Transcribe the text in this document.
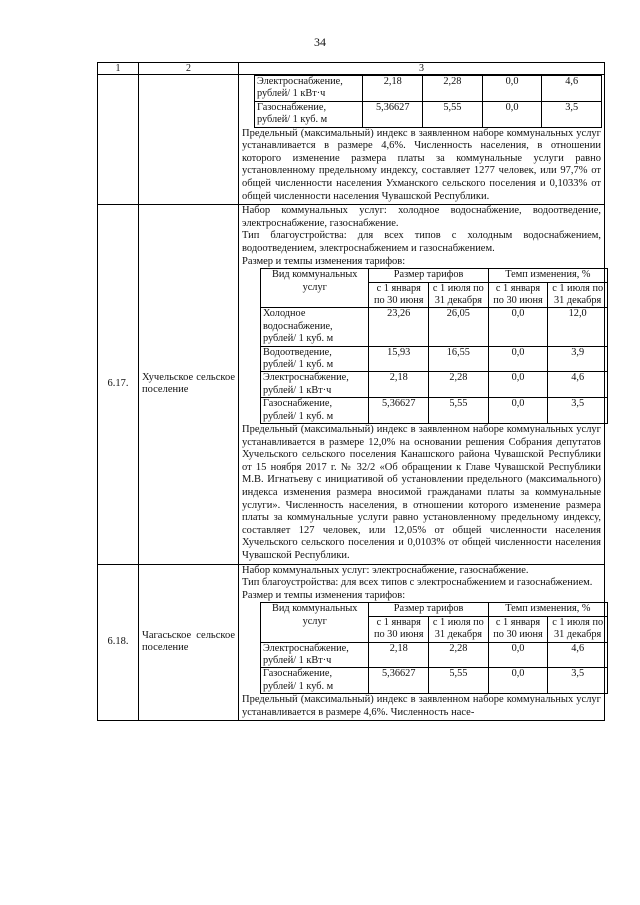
34
1	2	3

Электроснабжение, рублей/ 1 кВт·ч	2,18	2,28	0,0	4,6
Газоснабжение, рублей/ 1 куб. м	5,36627	5,55	0,0	3,5

Предельный (максимальный) индекс в заявленном наборе коммунальных услуг устанавливается в размере 4,6%. Численность населения, в отношении которого изменение размера платы за коммунальные услуги равно установленному предельному индексу, составляет 1277 человек, или 97,7% от общей численности населения Ухманского сельского поселения и 0,1033% от общей численности населения Чувашской Республики.

6.17.	Хучельское сельское поселение	

Набор коммунальных услуг: холодное водоснабжение, водоотведение, электроснабжение, газоснабжение.

Тип благоустройства: для всех типов с холодным водоснабжением, водоотведением, электроснабжением и газоснабжением.

Размер и темпы изменения тарифов:

Вид коммунальных услуг	Размер тарифов	Темп изменения, %
с 1 января по 30 июня	с 1 июля по 31 декабря	с 1 января по 30 июня	с 1 июля по 31 декабря
Холодное водоснабжение, рублей/ 1 куб. м	23,26	26,05	0,0	12,0
Водоотведение, рублей/ 1 куб. м	15,93	16,55	0,0	3,9
Электроснабжение, рублей/ 1 кВт·ч	2,18	2,28	0,0	4,6
Газоснабжение, рублей/ 1 куб. м	5,36627	5,55	0,0	3,5

Предельный (максимальный) индекс в заявленном наборе коммунальных услуг устанавливается в размере 12,0% на основании решения Собрания депутатов Хучельского сельского поселения Канашского района Чувашской Республики от 15 ноября 2017 г. № 32/2 «Об обращении к Главе Чувашской Республики М.В. Игнатьеву с инициативой об установлении предельного (максимального) индекса изменения размера вносимой гражданами платы за коммунальные услуги». Численность населения, в отношении которого изменение размера платы за коммунальные услуги равно установленному предельному индексу, составляет 127 человек, или 12,05% от общей численности населения Хучельского сельского поселения и 0,0103% от общей численности населения Чувашской Республики.

6.18.	Чагасьское сельское поселение	

Набор коммунальных услуг: электроснабжение, газоснабжение.

Тип благоустройства: для всех типов с электроснабжением и газоснабжением.

Размер и темпы изменения тарифов:

Вид коммунальных услуг	Размер тарифов	Темп изменения, %
с 1 января по 30 июня	с 1 июля по 31 декабря	с 1 января по 30 июня	с 1 июля по 31 декабря
Электроснабжение, рублей/ 1 кВт·ч	2,18	2,28	0,0	4,6
Газоснабжение, рублей/ 1 куб. м	5,36627	5,55	0,0	3,5

Предельный (максимальный) индекс в заявленном наборе коммунальных услуг устанавливается в размере 4,6%. Численность насе-
